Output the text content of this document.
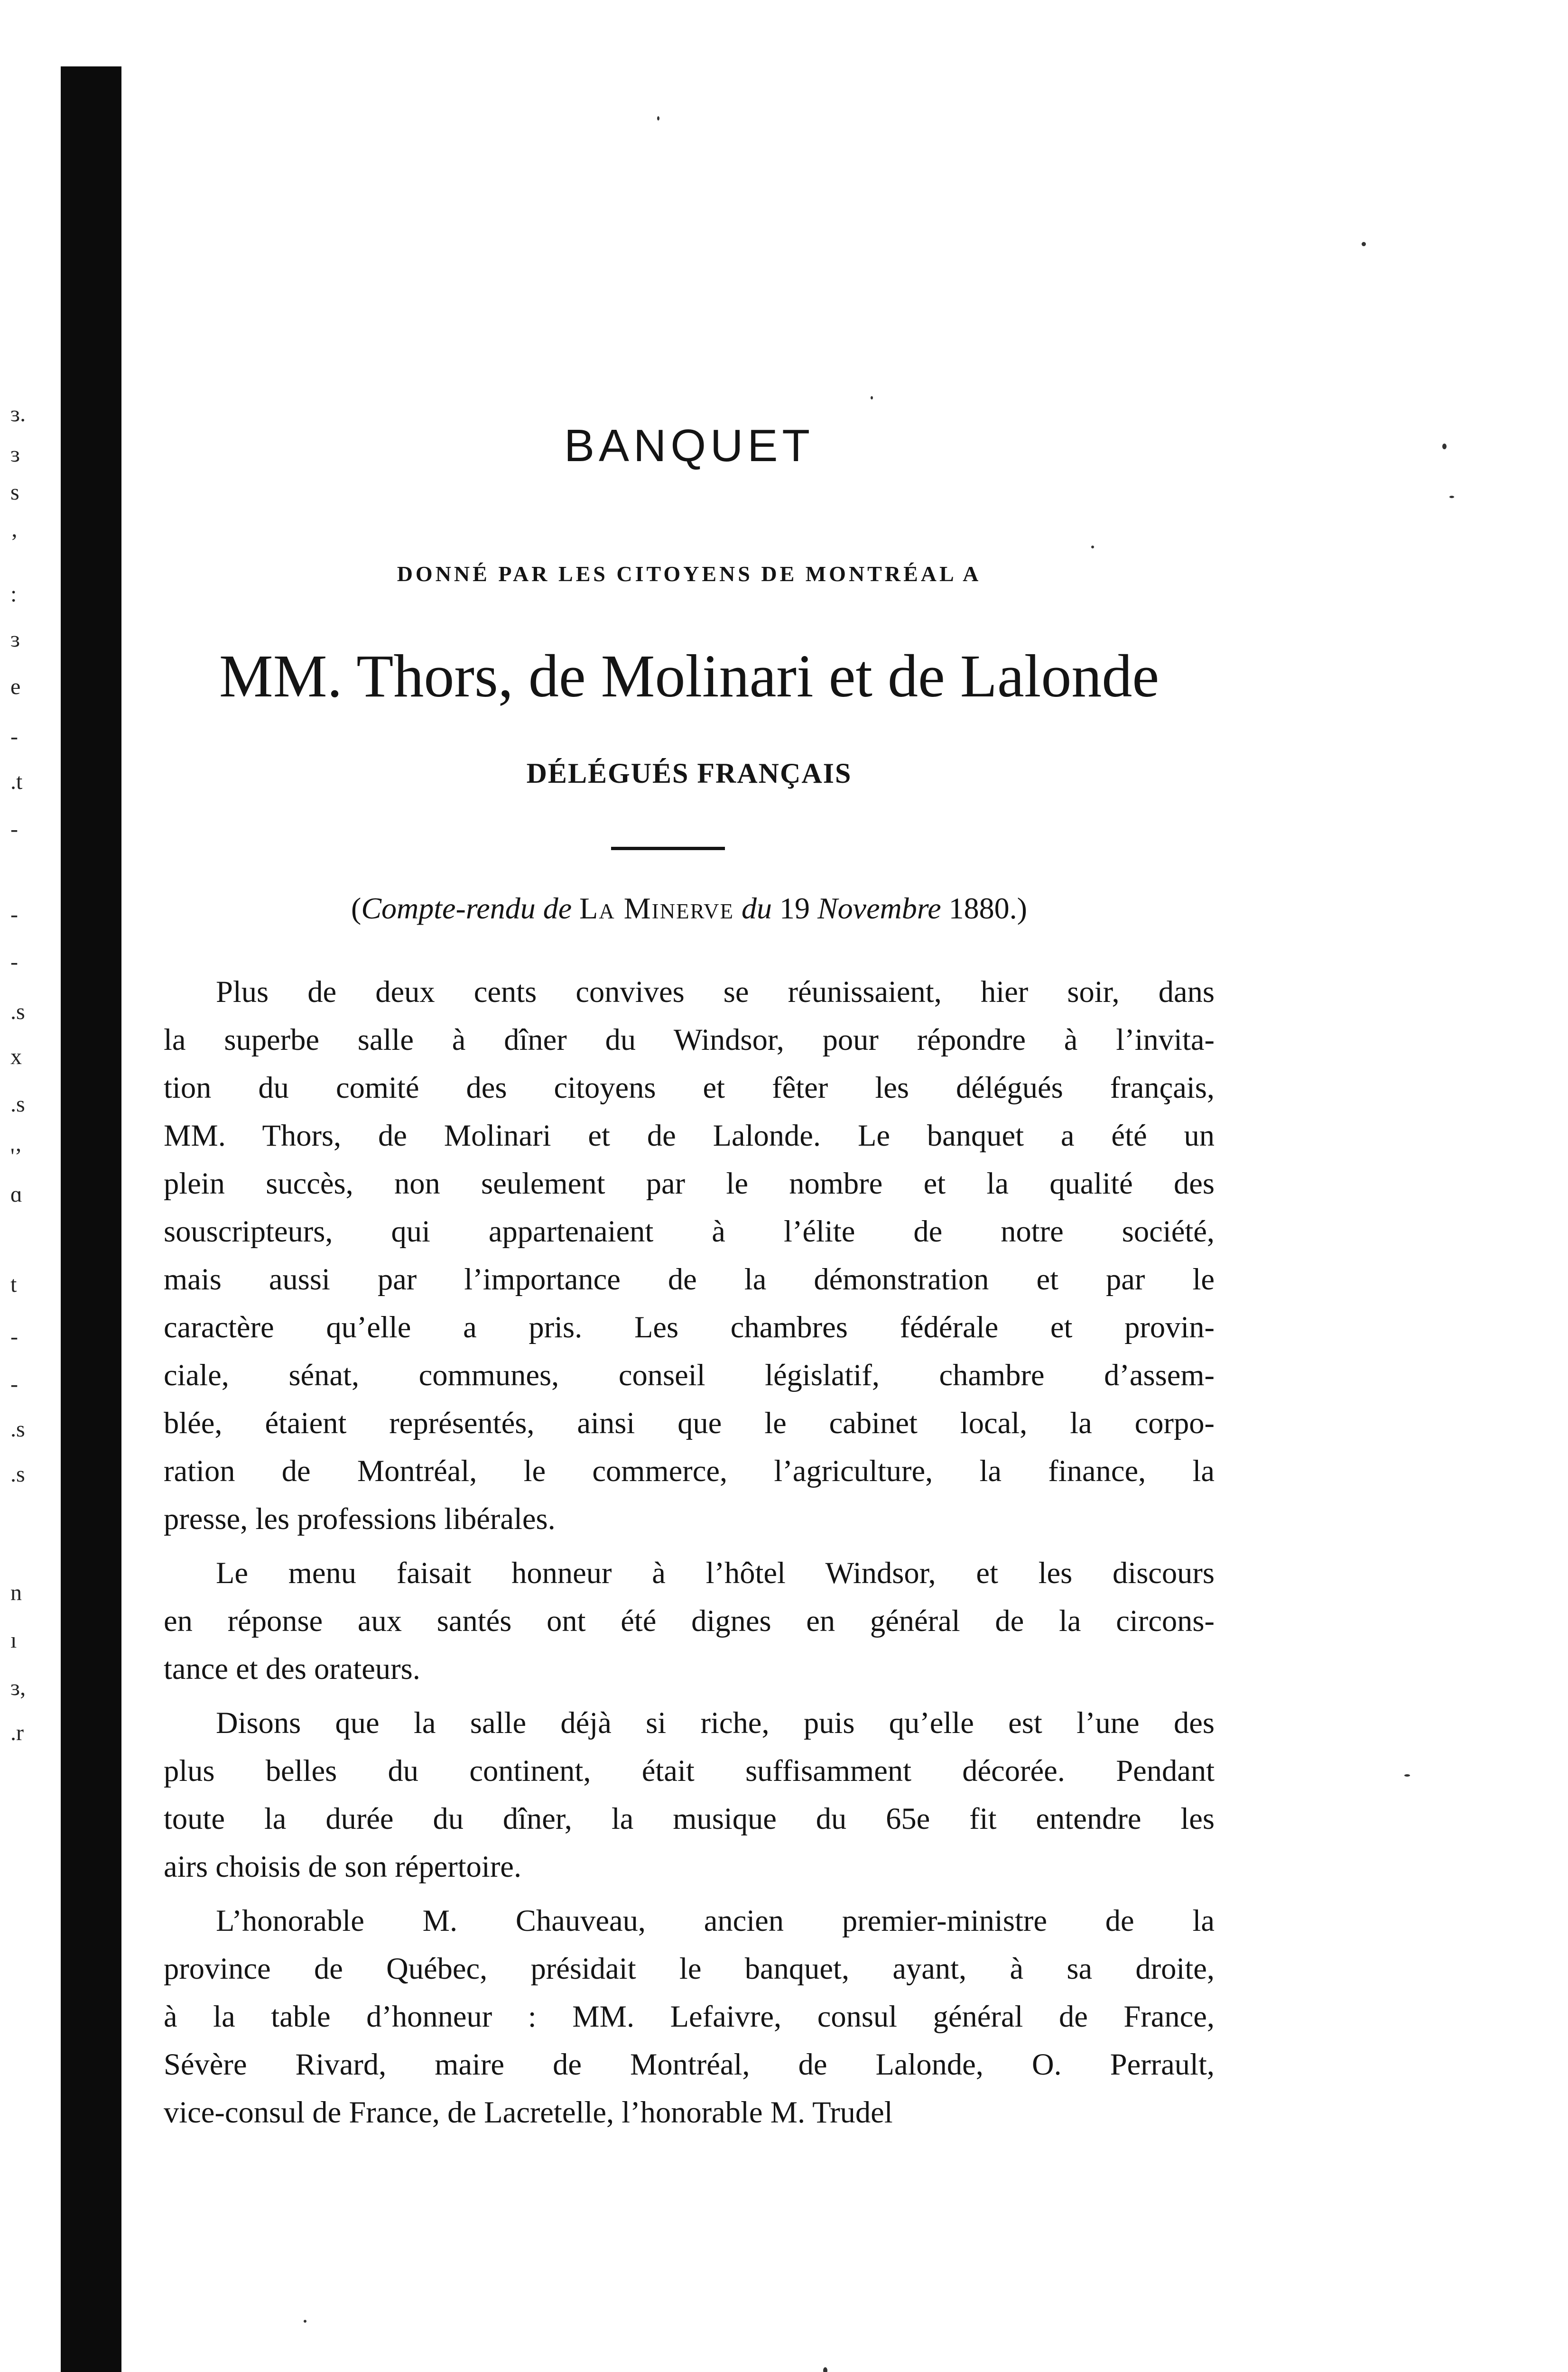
ɜ.
ɜ
s
’
:
ɜ
e
-
.t
-
-
-
.s
x
.s
'’
ɑ
t
-
-
.s
.s
n
ı
ɜ,
.r
BANQUET
DONNÉ PAR LES CITOYENS DE MONTRÉAL A
MM. Thors, de Molinari et de Lalonde
DÉLÉGUÉS FRANÇAIS
(Compte-rendu de La Minerve du 19 Novembre 1880.)

Plus de deux cents convives se réunissaient, hier soir, dans
la superbe salle à dîner du Windsor, pour répondre à l’invita-
tion du comité des citoyens et fêter les délégués français,
MM. Thors, de Molinari et de Lalonde. Le banquet a été un
plein succès, non seulement par le nombre et la qualité des
souscripteurs, qui appartenaient à l’élite de notre société,
mais aussi par l’importance de la démonstration et par le
caractère qu’elle a pris. Les chambres fédérale et provin-
ciale, sénat, communes, conseil législatif, chambre d’assem-
blée, étaient représentés, ainsi que le cabinet local, la corpo-
ration de Montréal, le commerce, l’agriculture, la finance, la
presse, les professions libérales.

Le menu faisait honneur à l’hôtel Windsor, et les discours
en réponse aux santés ont été dignes en général de la circons-
tance et des orateurs.

Disons que la salle déjà si riche, puis qu’elle est l’une des
plus belles du continent, était suffisamment décorée. Pendant
toute la durée du dîner, la musique du 65e fit entendre les
airs choisis de son répertoire.

L’honorable M. Chauveau, ancien premier-ministre de la
province de Québec, présidait le banquet, ayant, à sa droite,
à la table d’honneur : MM. Lefaivre, consul général de France,
Sévère Rivard, maire de Montréal, de Lalonde, O. Perrault,
vice-consul de France, de Lacretelle, l’honorable M. Trudel
